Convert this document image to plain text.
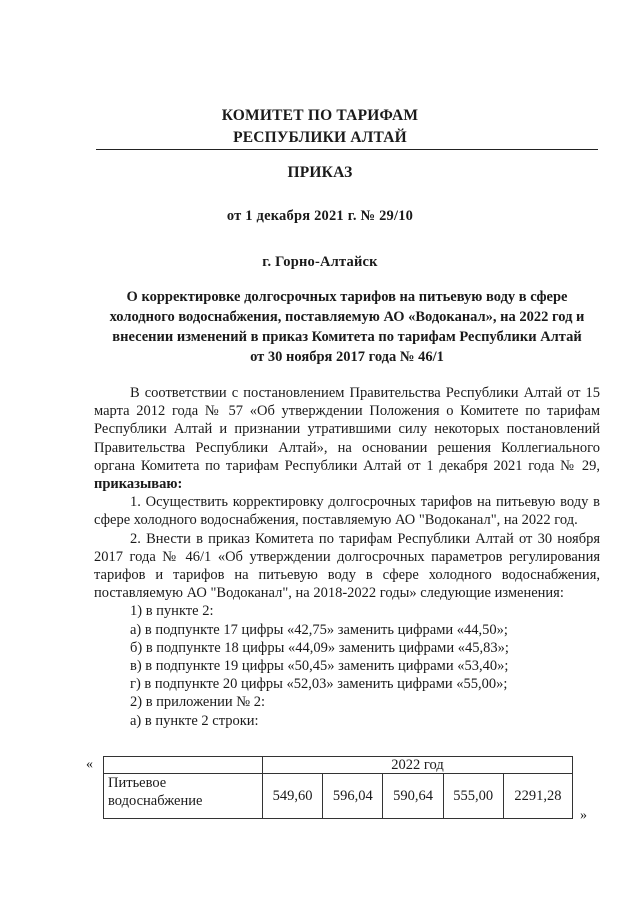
КОМИТЕТ ПО ТАРИФАМ
РЕСПУБЛИКИ АЛТАЙ
ПРИКАЗ
от 1 декабря 2021 г. № 29/10
г. Горно-Алтайск
О корректировке долгосрочных тарифов на питьевую воду в сфере
холодного водоснабжения, поставляемую АО «Водоканал», на 2022 год и
внесении изменений в приказ Комитета по тарифам Республики Алтай
от 30 ноября 2017 года № 46/1

В соответствии с постановлением Правительства Республики Алтай от 15 марта 2012 года № 57 «Об утверждении Положения о Комитете по тарифам Республики Алтай и признании утратившими силу некоторых постановлений Правительства Республики Алтай», на основании решения Коллегиального органа Комитета по тарифам Республики Алтай от 1 декабря 2021 года № 29, приказываю:

1. Осуществить корректировку долгосрочных тарифов на питьевую воду в сфере холодного водоснабжения, поставляемую АО "Водоканал", на 2022 год.

2. Внести в приказ Комитета по тарифам Республики Алтай от 30 ноября 2017 года № 46/1 «Об утверждении долгосрочных параметров регулирования тарифов и тарифов на питьевую воду в сфере холодного водоснабжения, поставляемую АО "Водоканал", на 2018-2022 годы» следующие изменения:

1) в пункте 2:

а) в подпункте 17 цифры «42,75» заменить цифрами «44,50»;

б) в подпункте 18 цифры «44,09» заменить цифрами «45,83»;

в) в подпункте 19 цифры «50,45» заменить цифрами «53,40»;

г) в подпункте 20 цифры «52,03» заменить цифрами «55,00»;

2) в приложении № 2:

а) в пункте 2 строки:

«
		2022 год				
Питьевое водоснабжение	549,60	596,04	590,64	555,00	2291,28
»
